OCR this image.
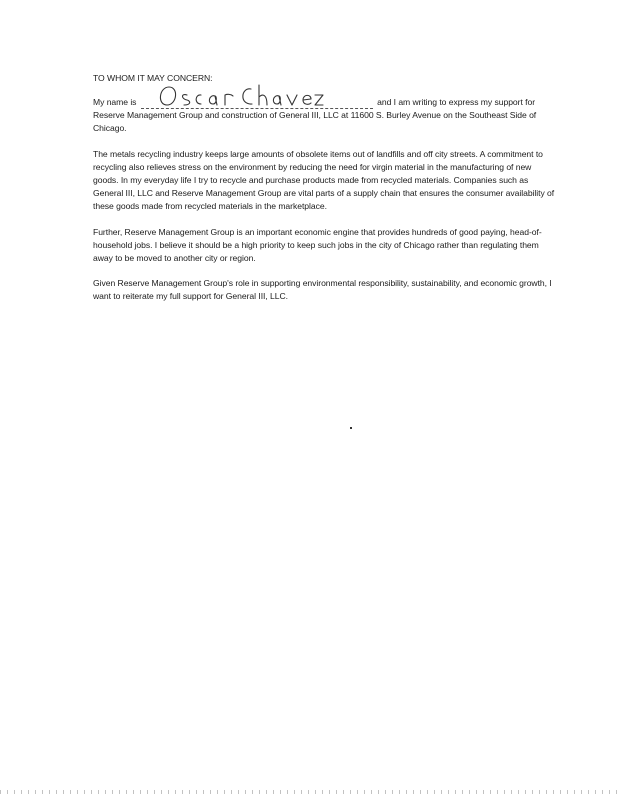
TO WHOM IT MAY CONCERN:

My name is	and I am writing to express my support for Reserve Management Group and construction of General III, LLC at 11600 S. Burley Avenue on the Southeast Side of Chicago.

The metals recycling industry keeps large amounts of obsolete items out of landfills and off city streets. A commitment to recycling also relieves stress on the environment by reducing the need for virgin material in the manufacturing of new goods. In my everyday life I try to recycle and purchase products made from recycled materials. Companies such as General III, LLC and Reserve Management Group are vital parts of a supply chain that ensures the consumer availability of these goods made from recycled materials in the marketplace.

Further, Reserve Management Group is an important economic engine that provides hundreds of good paying, head-of-household jobs. I believe it should be a high priority to keep such jobs in the city of Chicago rather than regulating them away to be moved to another city or region.

Given Reserve Management Group's role in supporting environmental responsibility, sustainability, and economic growth, I want to reiterate my full support for General III, LLC.
